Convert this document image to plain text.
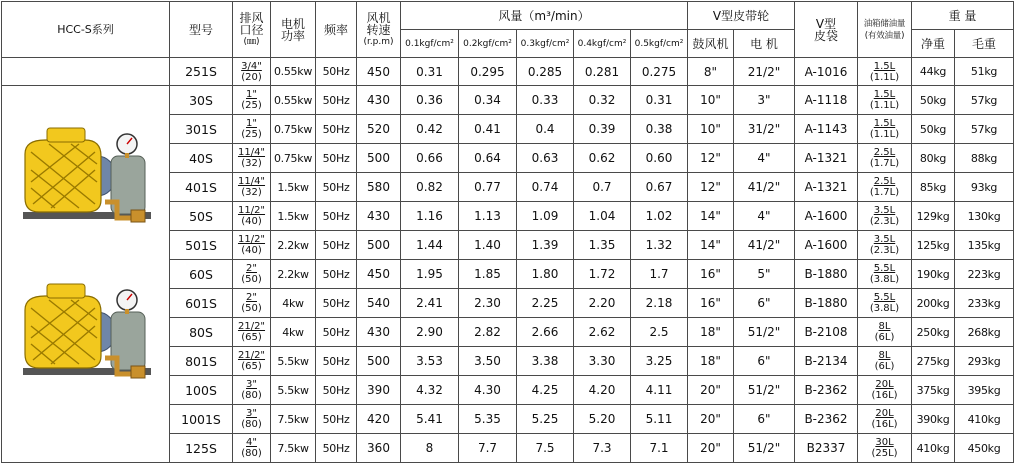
HCC-S系列	型号	排风
口径
(㎜)	电机
功率	频率	风机
转速
(r.p.m)	风量（m³/min）					V型皮带轮		V型
皮袋	油箱储油量
(有效油量)	重 量	
						0.1kgf/cm²	0.2kgf/cm²	0.3kgf/cm²	0.4kgf/cm²	0.5kgf/cm²	鼓风机	电 机			净重	毛重
	251S	3/4"
(20)	0.55kw	50Hz	450	0.31	0.295	0.285	0.281	0.275	8"	21/2"	A-1016	1.5L
(1.1L)	44kg	51kg

	30S	1"
(25)	0.55kw	50Hz	430	0.36	0.34	0.33	0.32	0.31	10"	3"	A-1118	1.5L
(1.1L)	50kg	57kg
	301S	1"
(25)	0.75kw	50Hz	520	0.42	0.41	0.4	0.39	0.38	10"	31/2"	A-1143	1.5L
(1.1L)	50kg	57kg
	40S	11/4"
(32)	0.75kw	50Hz	500	0.66	0.64	0.63	0.62	0.60	12"	4"	A-1321	2.5L
(1.7L)	80kg	88kg
	401S	11/4"
(32)	1.5kw	50Hz	580	0.82	0.77	0.74	0.7	0.67	12"	41/2"	A-1321	2.5L
(1.7L)	85kg	93kg
	50S	11/2"
(40)	1.5kw	50Hz	430	1.16	1.13	1.09	1.04	1.02	14"	4"	A-1600	3.5L
(2.3L)	129kg	130kg
	501S	11/2"
(40)	2.2kw	50Hz	500	1.44	1.40	1.39	1.35	1.32	14"	41/2"	A-1600	3.5L
(2.3L)	125kg	135kg
	60S	2"
(50)	2.2kw	50Hz	450	1.95	1.85	1.80	1.72	1.7	16"	5"	B-1880	5.5L
(3.8L)	190kg	223kg
	601S	2"
(50)	4kw	50Hz	540	2.41	2.30	2.25	2.20	2.18	16"	6"	B-1880	5.5L
(3.8L)	200kg	233kg
	80S	21/2"
(65)	4kw	50Hz	430	2.90	2.82	2.66	2.62	2.5	18"	51/2"	B-2108	8L
(6L)	250kg	268kg
	801S	21/2"
(65)	5.5kw	50Hz	500	3.53	3.50	3.38	3.30	3.25	18"	6"	B-2134	8L
(6L)	275kg	293kg
	100S	3"
(80)	5.5kw	50Hz	390	4.32	4.30	4.25	4.20	4.11	20"	51/2"	B-2362	20L
(16L)	375kg	395kg
	1001S	3"
(80)	7.5kw	50Hz	420	5.41	5.35	5.25	5.20	5.11	20"	6"	B-2362	20L
(16L)	390kg	410kg
	125S	4"
(80)	7.5kw	50Hz	360	8	7.7	7.5	7.3	7.1	20"	51/2"	B2337	30L
(25L)	410kg	450kg
